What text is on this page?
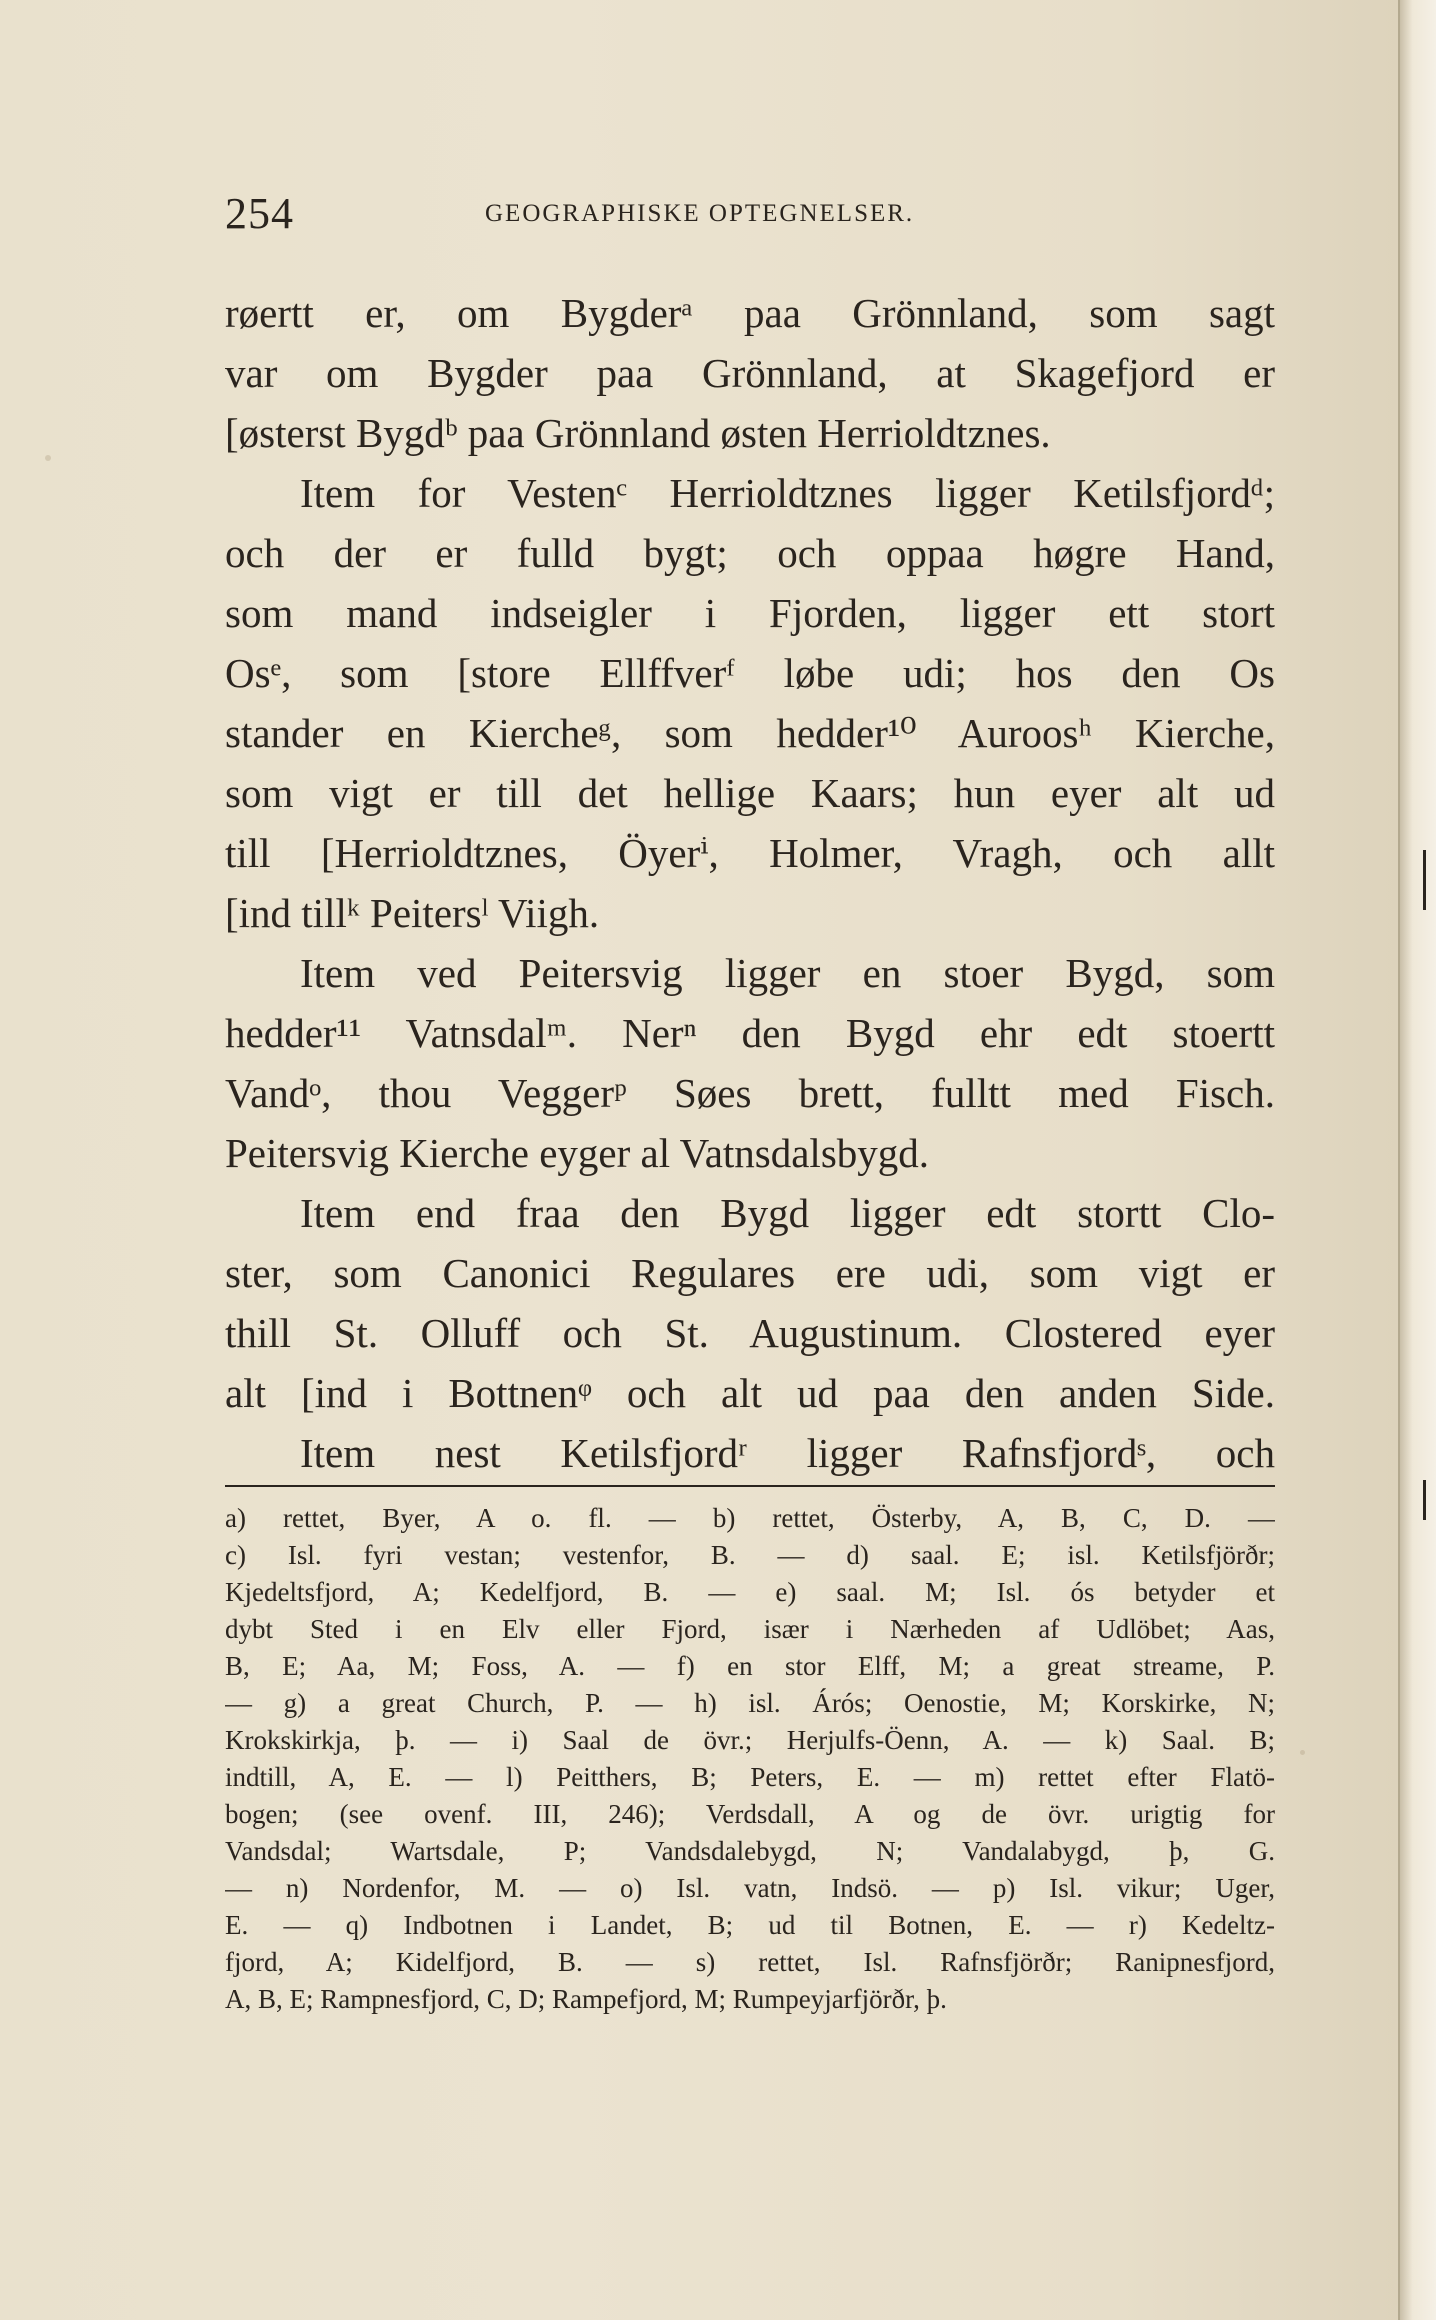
254	GEOGRAPHISKE OPTEGNELSER.
røertt er, om Bygderᵃ paa Grönnland, som sagt
var om Bygder paa Grönnland, at Skagefjord er
[østerst Bygdᵇ paa Grönnland østen Herrioldtznes.
Item for Vestenᶜ Herrioldtznes ligger Ketilsfjordᵈ;
och der er fulld bygt; och oppaa høgre Hand,
som mand indseigler i Fjorden, ligger ett stort
Osᵉ, som [store Ellffverᶠ løbe udi; hos den Os
stander en Kiercheᵍ, som hedder¹⁰ Auroosʰ Kierche,
som vigt er till det hellige Kaars; hun eyer alt ud
till [Herrioldtznes, Öyerⁱ, Holmer, Vragh, och allt
[ind tillᵏ Peitersˡ Viigh.
Item ved Peitersvig ligger en stoer Bygd, som
hedder¹¹ Vatnsdalᵐ. Nerⁿ den Bygd ehr edt stoertt
Vandᵒ, thou Veggerᵖ Søes brett, fulltt med Fisch.
Peitersvig Kierche eyger al Vatnsdalsbygd.
Item end fraa den Bygd ligger edt stortt Clo-
ster, som Canonici Regulares ere udi, som vigt er
thill St. Olluff och St. Augustinum. Clostered eyer
alt [ind i Bottnenᵠ och alt ud paa den anden Side.
Item nest Ketilsfjordʳ ligger Rafnsfjordˢ, och
a) rettet, Byer, A o. fl. — b) rettet, Österby, A, B, C, D. —
c) Isl. fyri vestan; vestenfor, B. — d) saal. E; isl. Ketilsfjörðr;
Kjedeltsfjord, A; Kedelfjord, B. — e) saal. M; Isl. ós betyder et
dybt Sted i en Elv eller Fjord, især i Nærheden af Udlöbet; Aas,
B, E; Aa, M; Foss, A. — f) en stor Elff, M; a great streame, P.
— g) a great Church, P. — h) isl. Árós; Oenostie, M; Korskirke, N;
Krokskirkja, þ. — i) Saal de övr.; Herjulfs-Öenn, A. — k) Saal. B;
indtill, A, E. — l) Peitthers, B; Peters, E. — m) rettet efter Flatö-
bogen; (see ovenf. III, 246); Verdsdall, A og de övr. urigtig for
Vandsdal; Wartsdale, P; Vandsdalebygd, N; Vandalabygd, þ, G.
— n) Nordenfor, M. — o) Isl. vatn, Indsö. — p) Isl. vikur; Uger,
E. — q) Indbotnen i Landet, B; ud til Botnen, E. — r) Kedeltz-
fjord, A; Kidelfjord, B. — s) rettet, Isl. Rafnsfjörðr; Ranipnesfjord,
A, B, E; Rampnesfjord, C, D; Rampefjord, M; Rumpeyjarfjörðr, þ.
